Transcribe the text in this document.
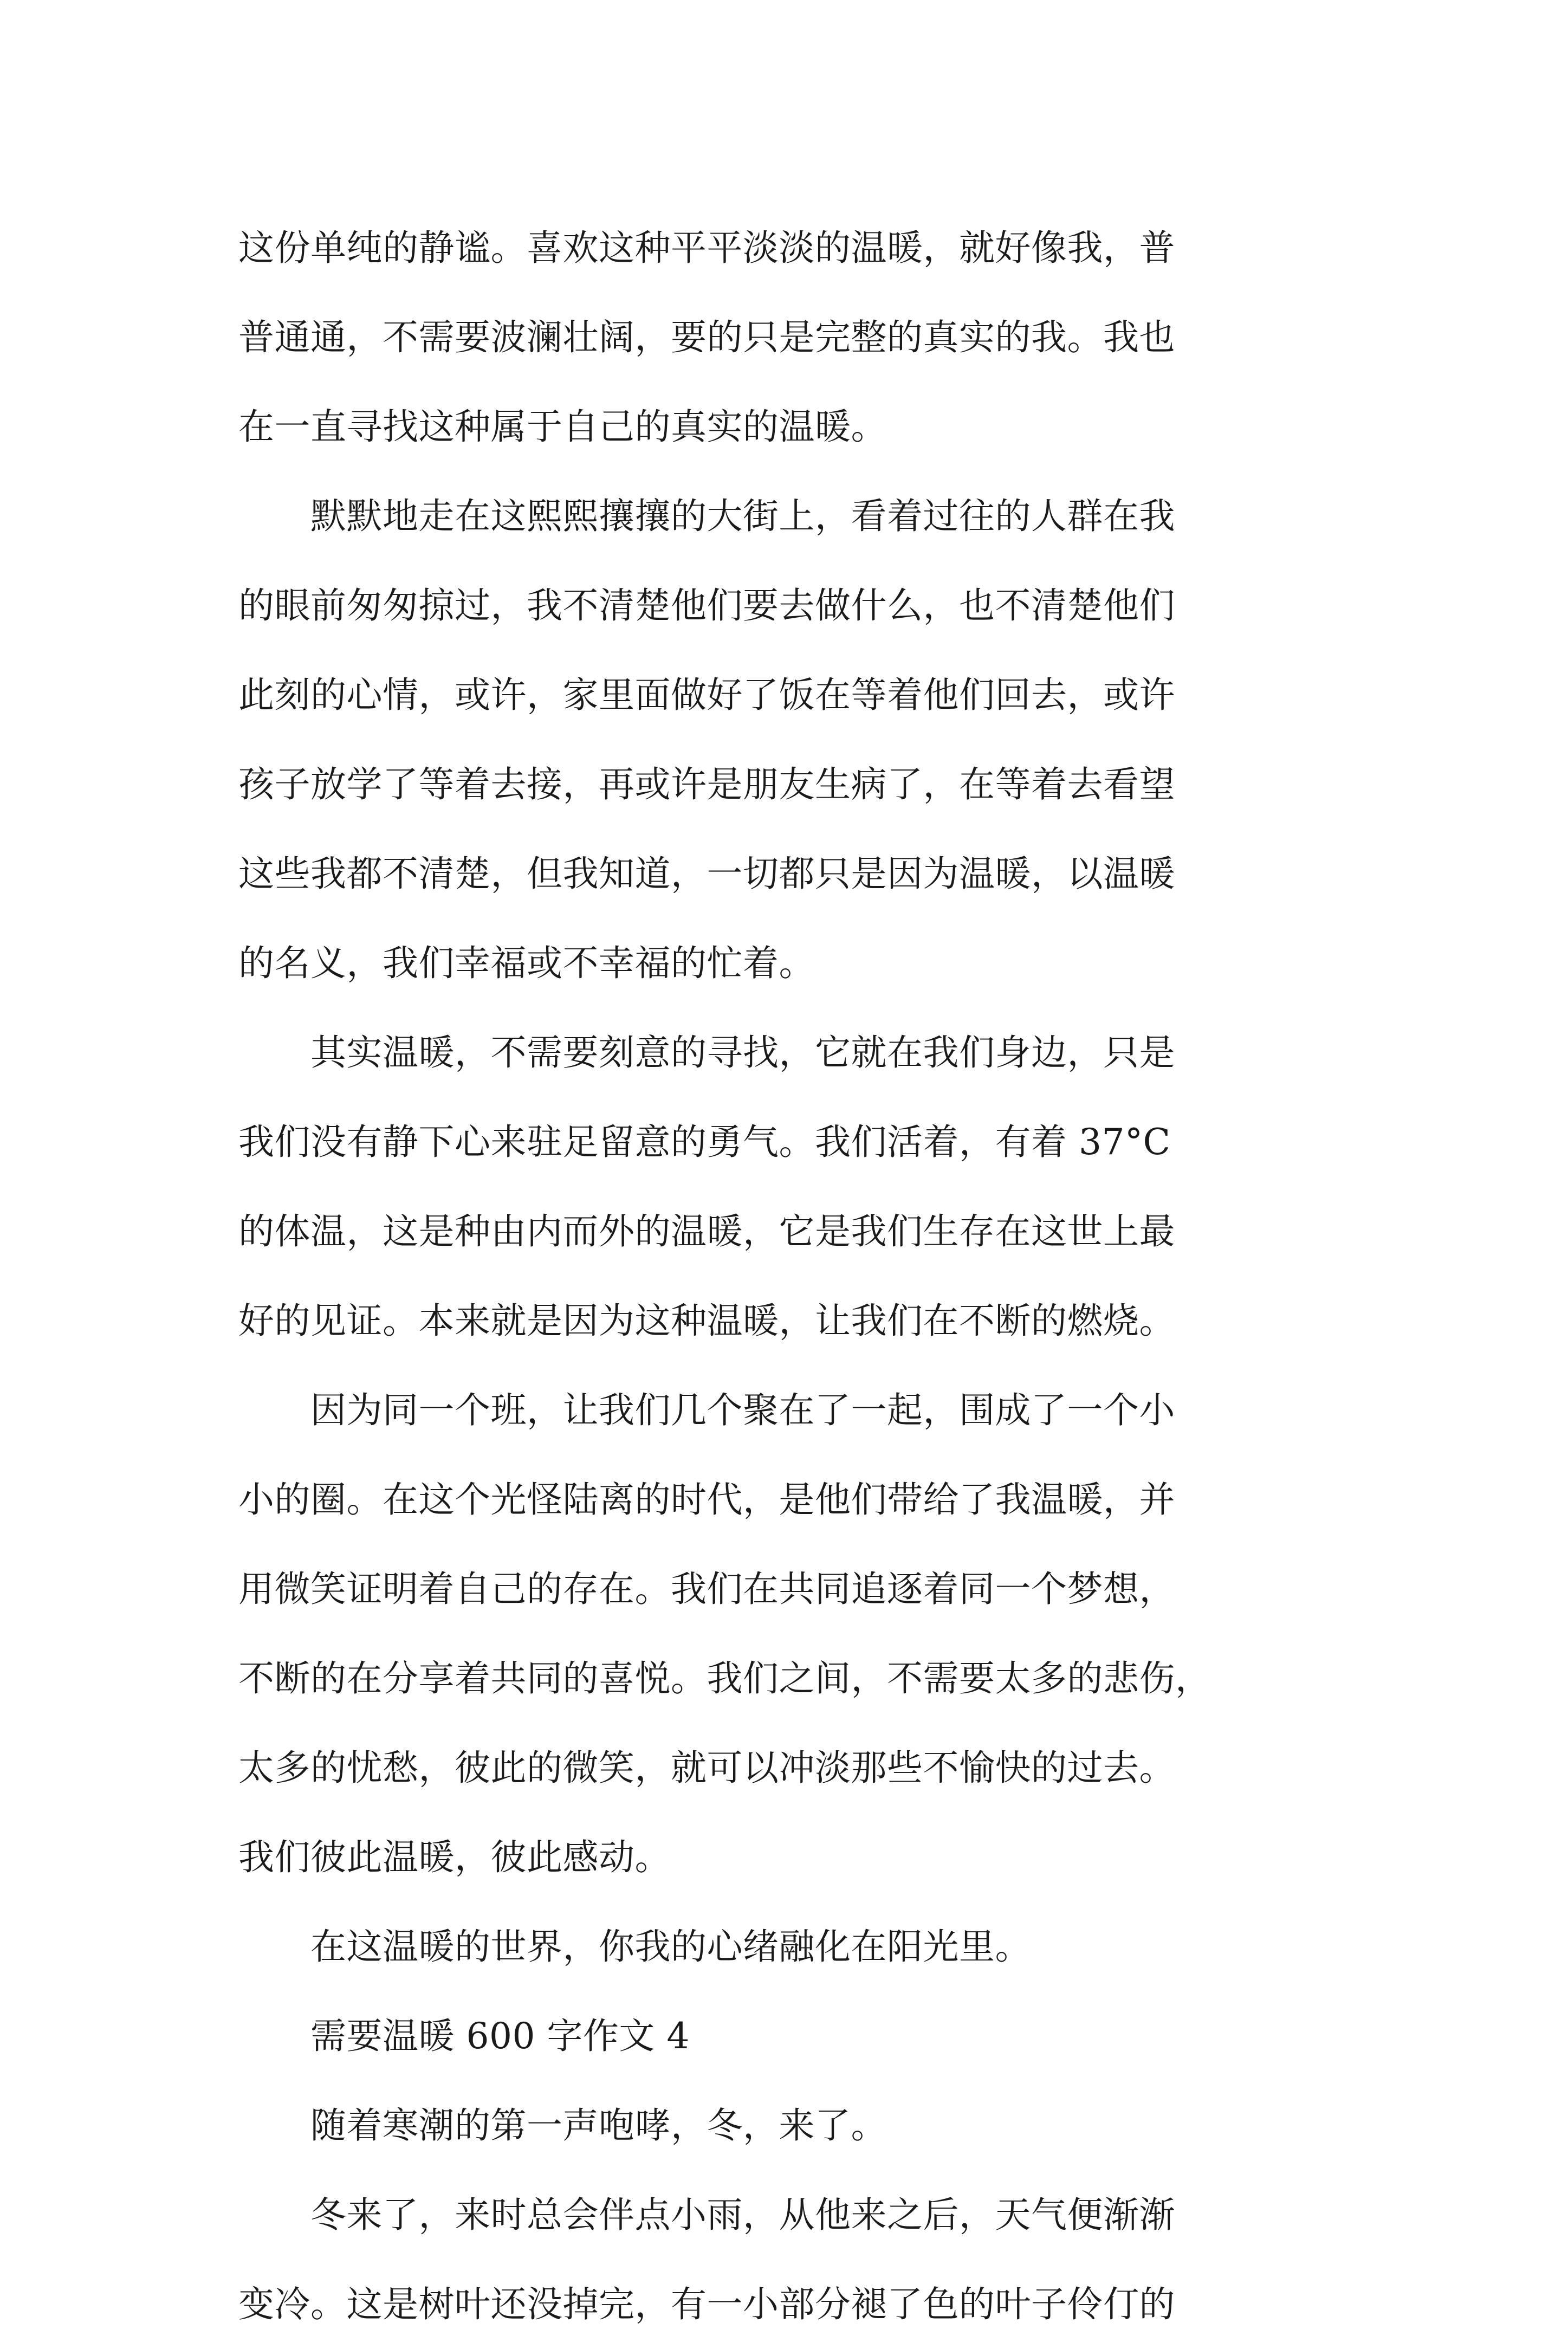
这份单纯的静谧。喜欢这种平平淡淡的温暖，就好像我，普
普通通，不需要波澜壮阔，要的只是完整的真实的我。我也
在一直寻找这种属于自己的真实的温暖。
　　默默地走在这熙熙攘攘的大街上，看着过往的人群在我
的眼前匆匆掠过，我不清楚他们要去做什么，也不清楚他们
此刻的心情，或许，家里面做好了饭在等着他们回去，或许
孩子放学了等着去接，再或许是朋友生病了，在等着去看望
这些我都不清楚，但我知道，一切都只是因为温暖，以温暖
的名义，我们幸福或不幸福的忙着。
　　其实温暖，不需要刻意的寻找，它就在我们身边，只是
我们没有静下心来驻足留意的勇气。我们活着，有着 37°C
的体温，这是种由内而外的温暖，它是我们生存在这世上最
好的见证。本来就是因为这种温暖，让我们在不断的燃烧。
　　因为同一个班，让我们几个聚在了一起，围成了一个小
小的圈。在这个光怪陆离的时代，是他们带给了我温暖，并
用微笑证明着自己的存在。我们在共同追逐着同一个梦想，
不断的在分享着共同的喜悦。我们之间，不需要太多的悲伤，
太多的忧愁，彼此的微笑，就可以冲淡那些不愉快的过去。
我们彼此温暖，彼此感动。
　　在这温暖的世界，你我的心绪融化在阳光里。
　　需要温暖 600 字作文 4
　　随着寒潮的第一声咆哮，冬，来了。
　　冬来了，来时总会伴点小雨，从他来之后，天气便渐渐
变冷。这是树叶还没掉完，有一小部分褪了色的叶子伶仃的
